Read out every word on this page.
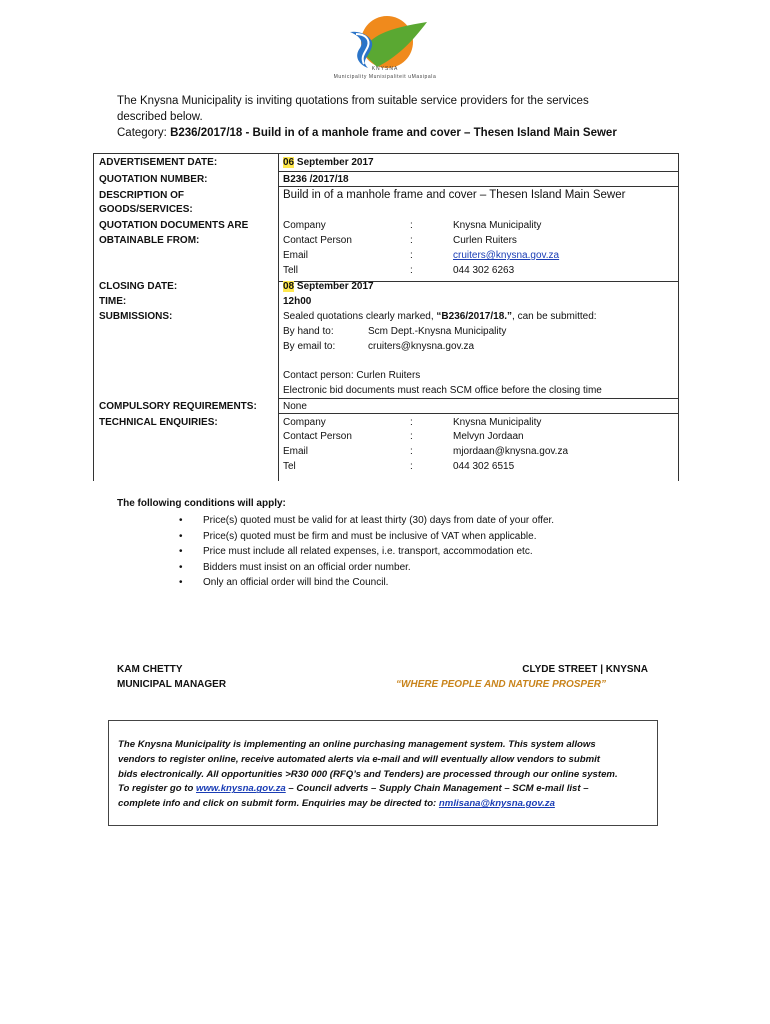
KNYSNA
Municipality Munisipaliteit uMasipala
The Knysna Municipality is inviting quotations from suitable service providers for the services
described below.
Category: B236/2017/18 - Build in of a manhole frame and cover – Thesen Island Main Sewer
ADVERTISEMENT DATE:	06 September 2017
QUOTATION NUMBER:	B236 /2017/18
DESCRIPTION OF
GOODS/SERVICES:
Build in of a manhole frame and cover – Thesen Island Main Sewer
QUOTATION DOCUMENTS ARE
OBTAINABLE FROM:
Company	:	Knysna Municipality
Contact Person	:	Curlen Ruiters
Email	:	cruiters@knysna.gov.za
Tell	:	044 302 6263
CLOSING DATE:	08 September 2017
TIME:	12h00
SUBMISSIONS:	Sealed quotations clearly marked, “B236/2017/18.”, can be submitted:
By hand to:	Scm Dept.-Knysna Municipality
By email to:	cruiters@knysna.gov.za
Contact person: Curlen Ruiters
Electronic bid documents must reach SCM office before the closing time
COMPULSORY REQUIREMENTS:	None
TECHNICAL ENQUIRIES:	Company	:	Knysna Municipality
Contact Person	:	Melvyn Jordaan
Email	:	mjordaan@knysna.gov.za
Tel	:	044 302 6515
The following conditions will apply:
• Price(s) quoted must be valid for at least thirty (30) days from date of your offer.
• Price(s) quoted must be firm and must be inclusive of VAT when applicable.
• Price must include all related expenses, i.e. transport, accommodation etc.
• Bidders must insist on an official order number.
• Only an official order will bind the Council.
KAM CHETTY
MUNICIPAL MANAGER
CLYDE STREET | KNYSNA
“WHERE PEOPLE AND NATURE PROSPER”
The Knysna Municipality is implementing an online purchasing management system. This system allows
vendors to register online, receive automated alerts via e-mail and will eventually allow vendors to submit
bids electronically. All opportunities >R30 000 (RFQ’s and Tenders) are processed through our online system.
To register go to www.knysna.gov.za – Council adverts – Supply Chain Management – SCM e-mail list –
complete info and click on submit form. Enquiries may be directed to: nmlisana@knysna.gov.za
